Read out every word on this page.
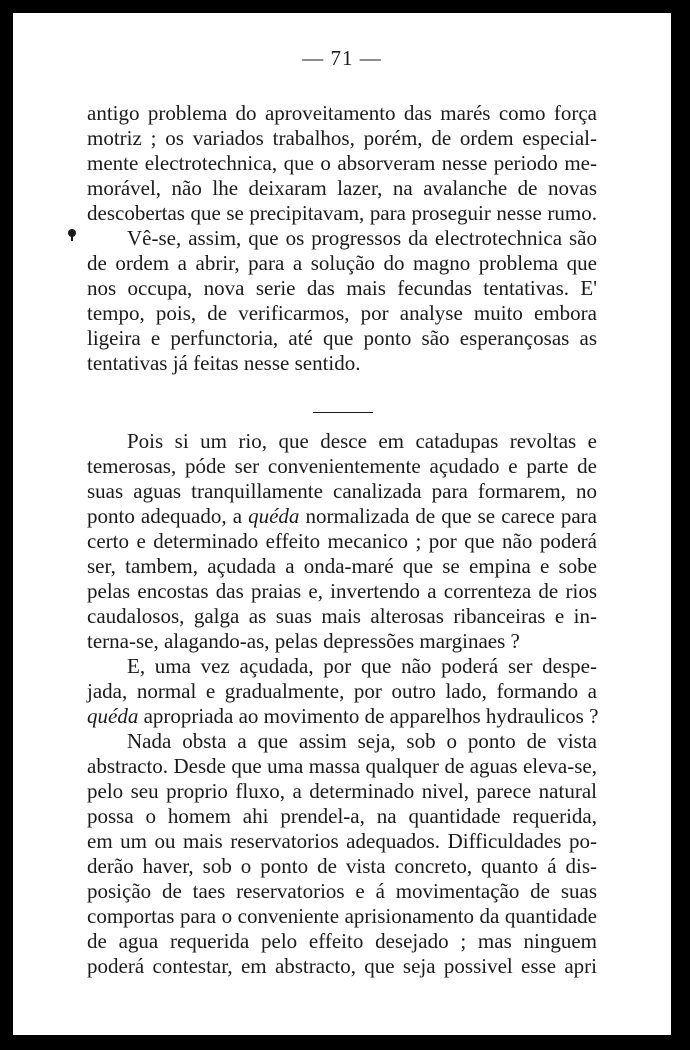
— 71 —
antigo problema do aproveitamento das marés como força
motriz ; os variados trabalhos, porém, de ordem especial-
mente electrotechnica, que o absorveram nesse periodo me-
morável, não lhe deixaram lazer, na avalanche de novas
descobertas que se precipitavam, para proseguir nesse rumo.
Vê-se, assim, que os progressos da electrotechnica são
de ordem a abrir, para a solução do magno problema que
nos occupa, nova serie das mais fecundas tentativas. E'
tempo, pois, de verificarmos, por analyse muito embora
ligeira e perfunctoria, até que ponto são esperançosas as
tentativas já feitas nesse sentido.
Pois si um rio, que desce em catadupas revoltas e
temerosas, póde ser convenientemente açudado e parte de
suas aguas tranquillamente canalizada para formarem, no
ponto adequado, a quéda normalizada de que se carece para
certo e determinado effeito mecanico ; por que não poderá
ser, tambem, açudada a onda-maré que se empina e sobe
pelas encostas das praias e, invertendo a correnteza de rios
caudalosos, galga as suas mais alterosas ribanceiras e in-
terna-se, alagando-as, pelas depressões marginaes ?
E, uma vez açudada, por que não poderá ser despe-
jada, normal e gradualmente, por outro lado, formando a
quéda apropriada ao movimento de apparelhos hydraulicos ?
Nada obsta a que assim seja, sob o ponto de vista
abstracto. Desde que uma massa qualquer de aguas eleva-se,
pelo seu proprio fluxo, a determinado nivel, parece natural
possa o homem ahi prendel-a, na quantidade requerida,
em um ou mais reservatorios adequados. Difficuldades po-
derão haver, sob o ponto de vista concreto, quanto á dis-
posição de taes reservatorios e á movimentação de suas
comportas para o conveniente aprisionamento da quantidade
de agua requerida pelo effeito desejado ; mas ninguem
poderá contestar, em abstracto, que seja possivel esse apri
